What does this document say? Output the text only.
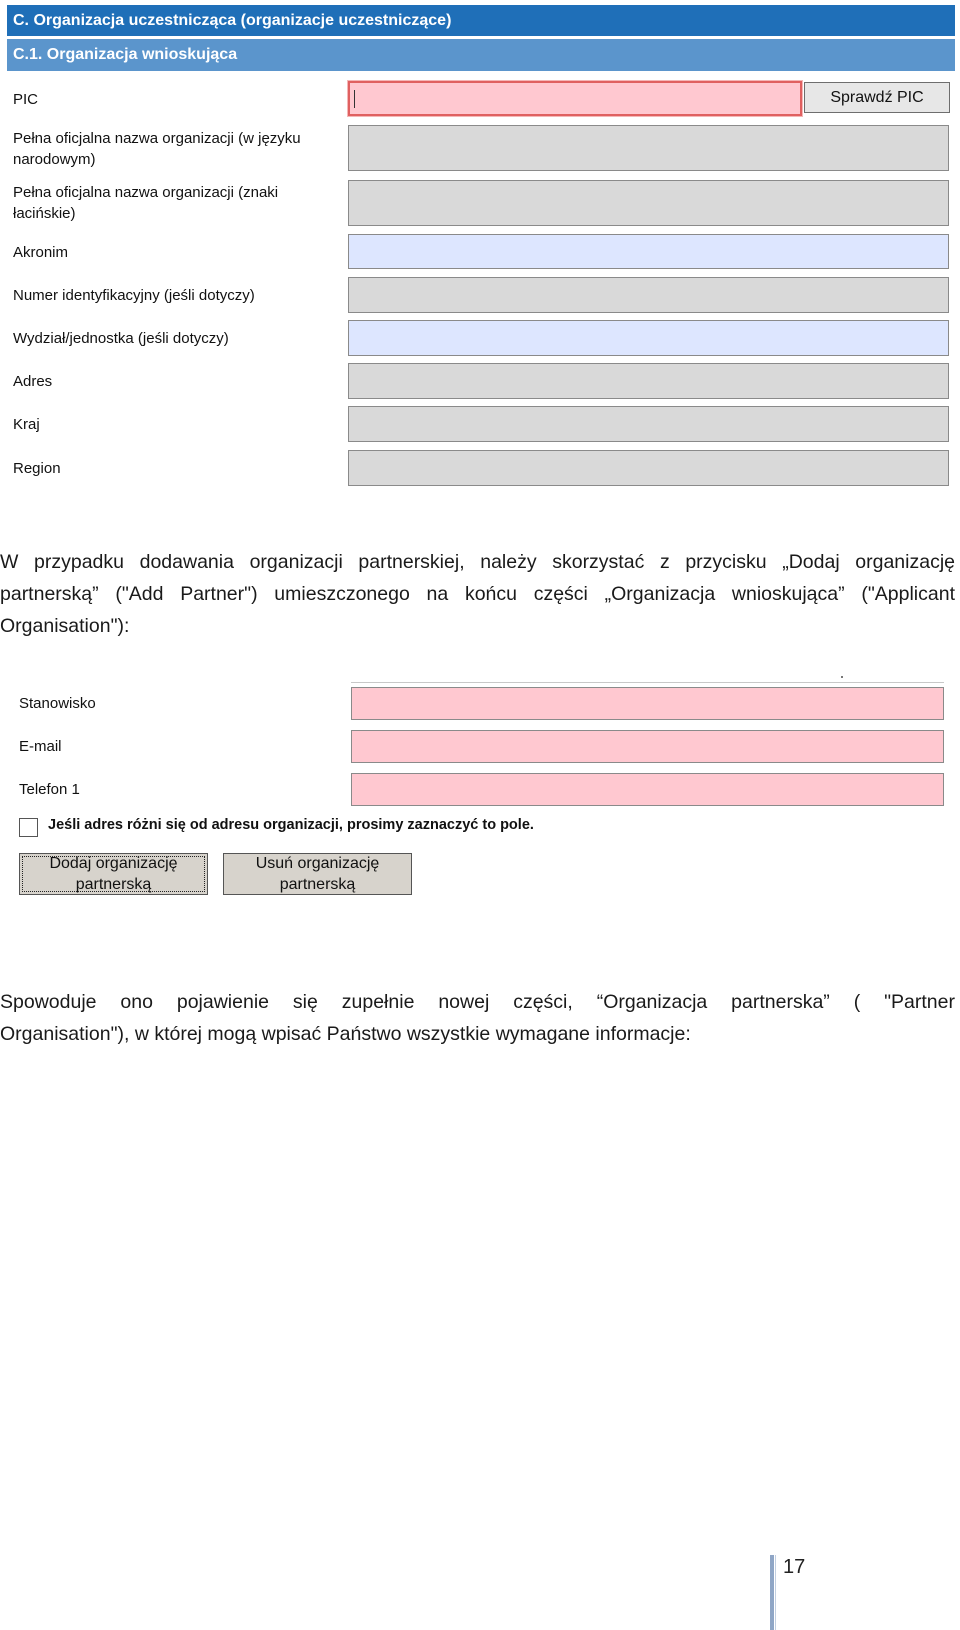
C. Organizacja uczestnicząca (organizacje uczestniczące)
C.1. Organizacja wnioskująca
PIC	Sprawdź PIC
Pełna oficjalna nazwa organizacji (w języku narodowym)
Pełna oficjalna nazwa organizacji (znaki łacińskie)
Akronim
Numer identyfikacyjny (jeśli dotyczy)
Wydział/jednostka (jeśli dotyczy)
Adres
Kraj
Region
W przypadku dodawania organizacji partnerskiej, należy skorzystać z przycisku „Dodaj organizację
partnerską” ("Add Partner") umieszczonego na końcu części „Organizacja wnioskująca” ("Applicant
Organisation"):
Stanowisko
E-mail
Telefon 1
Jeśli adres różni się od adresu organizacji, prosimy zaznaczyć to pole.
Dodaj organizację
partnerską
Usuń organizację
partnerską
Spowoduje ono pojawienie się zupełnie nowej części, “Organizacja partnerska” ( "Partner
Organisation"), w której mogą wpisać Państwo wszystkie wymagane informacje:
17
